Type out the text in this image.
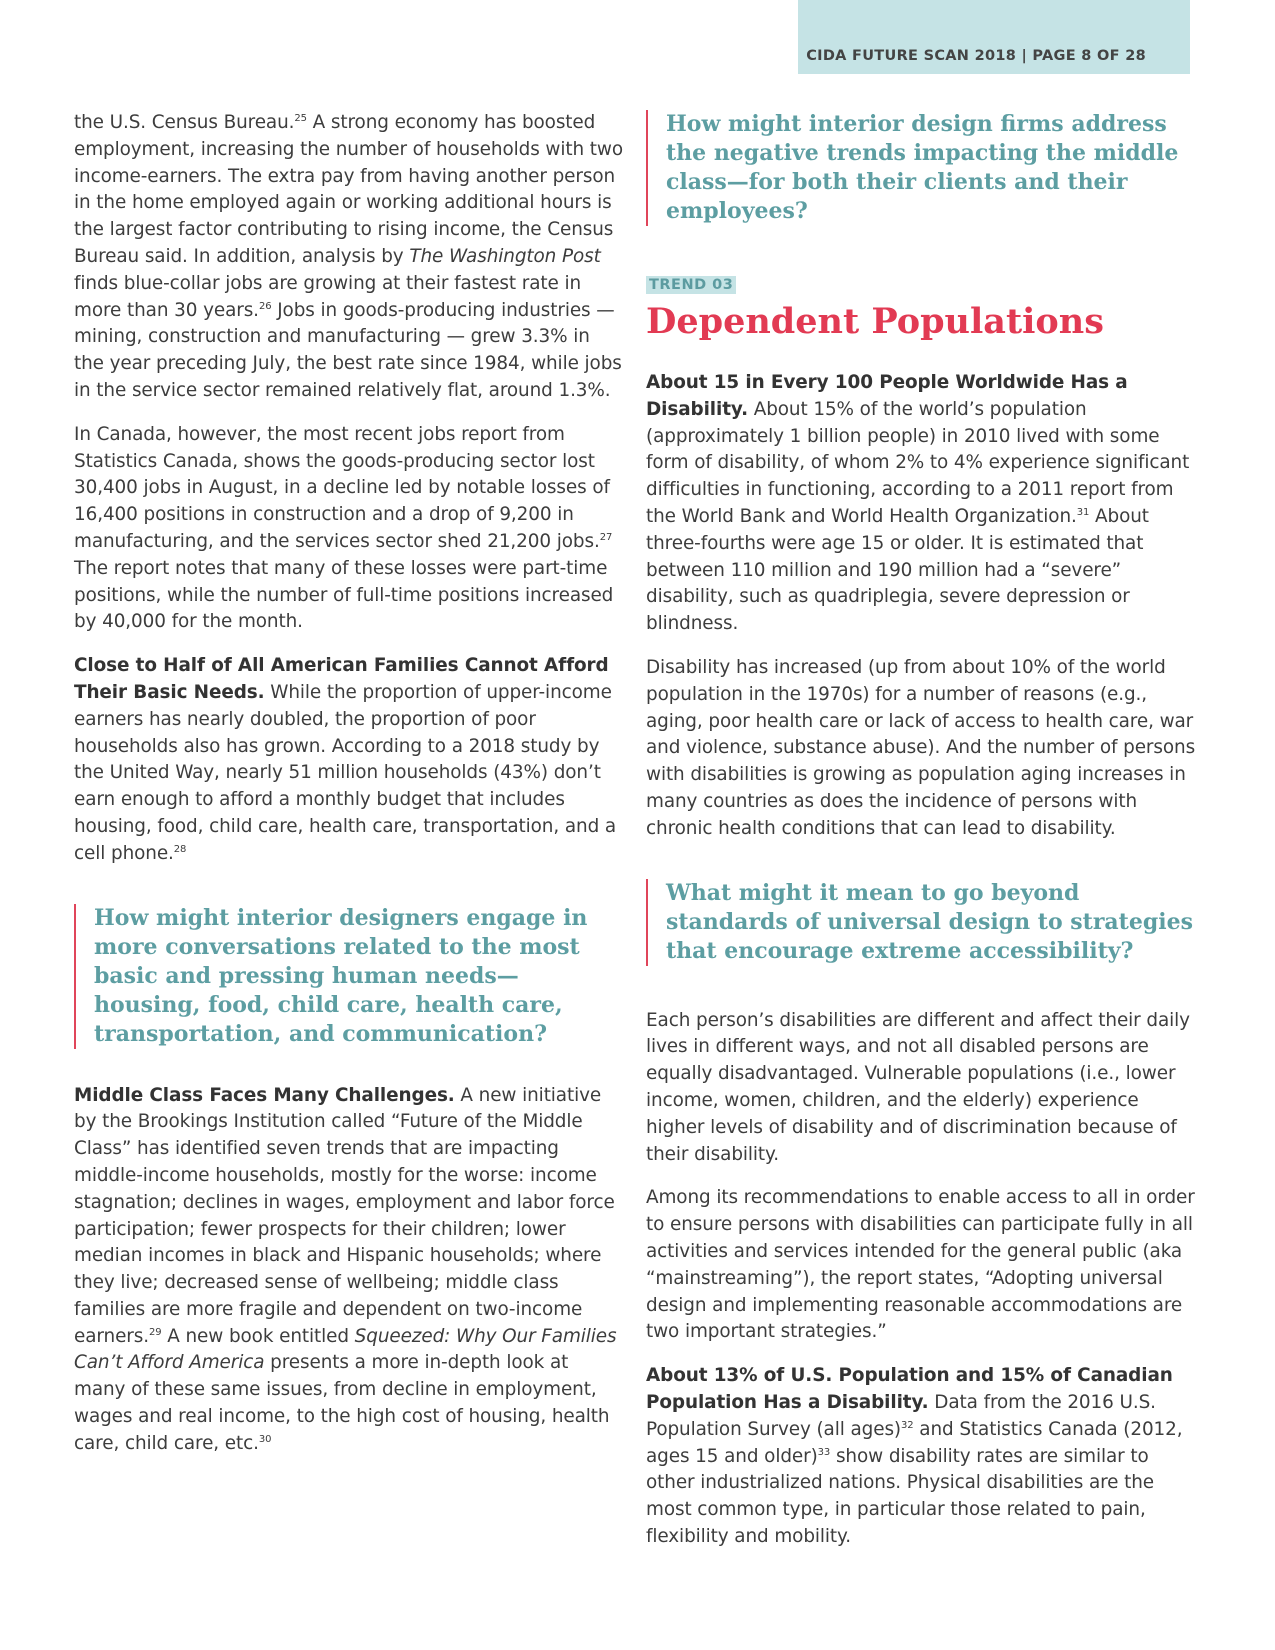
CIDA FUTURE SCAN 2018 | PAGE 8 OF 28

the U.S. Census Bureau.$^{25}$ A strong economy has boosted employment, increasing the number of households with two income-earners. The extra pay from having another person in the home employed again or working additional hours is the largest factor contributing to rising income, the Census Bureau said. In addition, analysis by The Washington Post finds blue-collar jobs are growing at their fastest rate in more than 30 years.$^{26}$ Jobs in goods-producing industries — mining, construction and manufacturing — grew 3.3% in the year preceding July, the best rate since 1984, while jobs in the service sector remained relatively flat, around 1.3%.

In Canada, however, the most recent jobs report from Statistics Canada, shows the goods-producing sector lost 30,400 jobs in August, in a decline led by notable losses of 16,400 positions in construction and a drop of 9,200 in manufacturing, and the services sector shed 21,200 jobs.$^{27}$ The report notes that many of these losses were part-time positions, while the number of full-time positions increased by 40,000 for the month.

Close to Half of All American Families Cannot Afford Their Basic Needs. While the proportion of upper-income earners has nearly doubled, the proportion of poor households also has grown. According to a 2018 study by the United Way, nearly 51 million households (43%) don’t earn enough to afford a monthly budget that includes housing, food, child care, health care, transportation, and a cell phone.$^{28}$

How might interior designers engage in more conversations related to the most basic and pressing human needs—housing, food, child care, health care, transportation, and communication?

Middle Class Faces Many Challenges. A new initiative by the Brookings Institution called “Future of the Middle Class” has identified seven trends that are impacting middle-income households, mostly for the worse: income stagnation; declines in wages, employment and labor force participation; fewer prospects for their children; lower median incomes in black and Hispanic households; where they live; decreased sense of wellbeing; middle class families are more fragile and dependent on two-income earners.$^{29}$ A new book entitled Squeezed: Why Our Families Can’t Afford America presents a more in-depth look at many of these same issues, from decline in employment, wages and real income, to the high cost of housing, health care, child care, etc.$^{30}$

How might interior design firms address the negative trends impacting the middle class—for both their clients and their employees?
TREND 03
Dependent Populations

About 15 in Every 100 People Worldwide Has a Disability. About 15% of the world’s population (approximately 1 billion people) in 2010 lived with some form of disability, of whom 2% to 4% experience significant difficulties in functioning, according to a 2011 report from the World Bank and World Health Organization.$^{31}$ About three-fourths were age 15 or older. It is estimated that between 110 million and 190 million had a “severe” disability, such as quadriplegia, severe depression or blindness.

Disability has increased (up from about 10% of the world population in the 1970s) for a number of reasons (e.g., aging, poor health care or lack of access to health care, war and violence, substance abuse). And the number of persons with disabilities is growing as population aging increases in many countries as does the incidence of persons with chronic health conditions that can lead to disability.

What might it mean to go beyond standards of universal design to strategies that encourage extreme accessibility?

Each person’s disabilities are different and affect their daily lives in different ways, and not all disabled persons are equally disadvantaged. Vulnerable populations (i.e., lower income, women, children, and the elderly) experience higher levels of disability and of discrimination because of their disability.

Among its recommendations to enable access to all in order to ensure persons with disabilities can participate fully in all activities and services intended for the general public (aka “mainstreaming”), the report states, “Adopting universal design and implementing reasonable accommodations are two important strategies.”

About 13% of U.S. Population and 15% of Canadian Population Has a Disability. Data from the 2016 U.S. Population Survey (all ages)$^{32}$ and Statistics Canada (2012, ages 15 and older)$^{33}$ show disability rates are similar to other industrialized nations. Physical disabilities are the most common type, in particular those related to pain, flexibility and mobility.
